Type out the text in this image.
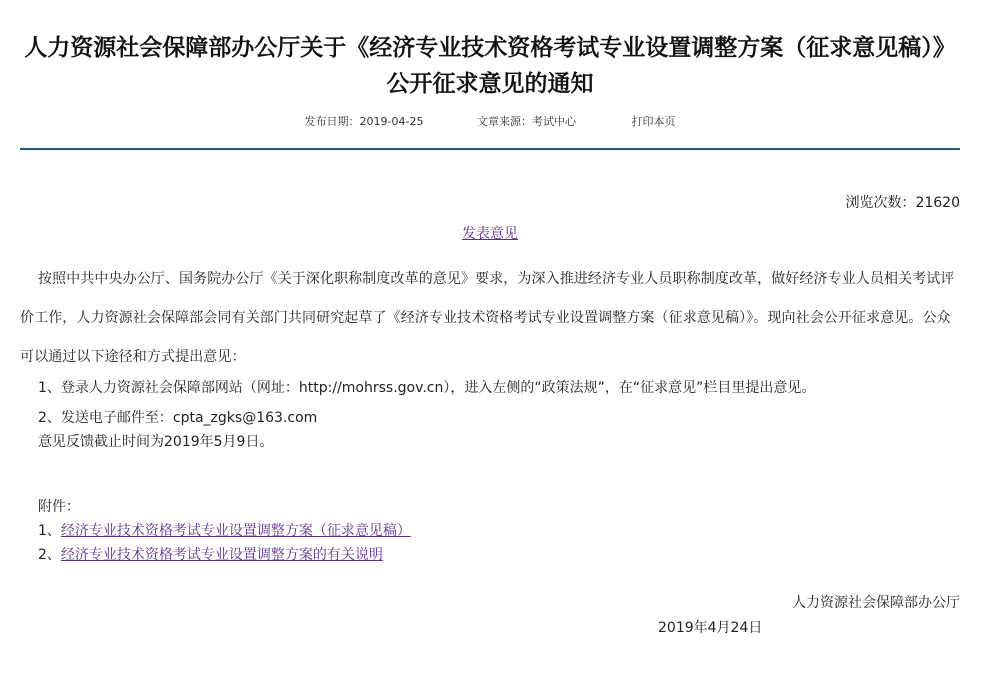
人力资源社会保障部办公厅关于《经济专业技术资格考试专业设置调整方案（征求意见稿）》公开征求意见的通知
发布日期：2019-04-25	文章来源：考试中心	打印本页
浏览次数：21620
发表意见

按照中共中央办公厅、国务院办公厅《关于深化职称制度改革的意见》要求，为深入推进经济专业人员职称制度改革，做好经济专业人员相关考试评价工作，人力资源社会保障部会同有关部门共同研究起草了《经济专业技术资格考试专业设置调整方案（征求意见稿）》。现向社会公开征求意见。公众可以通过以下途径和方式提出意见：

1、登录人力资源社会保障部网站（网址：http://mohrss.gov.cn），进入左侧的“政策法规”，在“征求意见”栏目里提出意见。
2、发送电子邮件至：cpta_zgks@163.com
意见反馈截止时间为2019年5月9日。
附件：
1、经济专业技术资格考试专业设置调整方案（征求意见稿）
2、经济专业技术资格考试专业设置调整方案的有关说明
人力资源社会保障部办公厅
2019年4月24日
